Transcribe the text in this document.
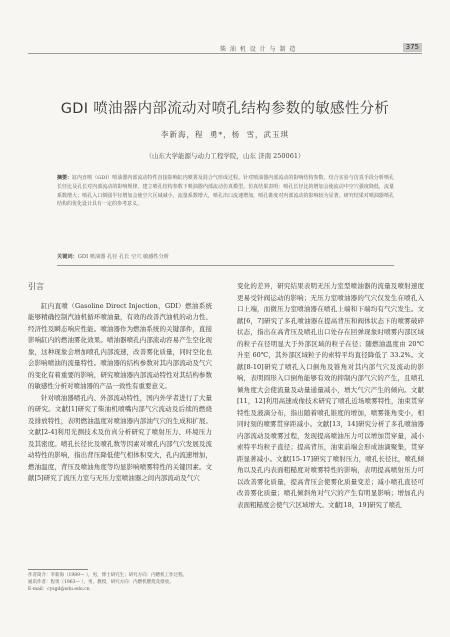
柴 油 机 设 计 与 制 造	375
GDI 喷油器内部流动对喷孔结构参数的敏感性分析
李新海，程 勇*，杨 雪，武玉琪
（山东大学能源与动力工程学院，山东 济南 250061）
摘要：缸内直喷（GDI）喷油器内部流动特性直接影响缸内喷雾及混合气形成过程。针对喷油器内部流动的影响结构参数，结合实验与仿真手段分析喷孔长径比及孔长对内部流动的影响规律，建立喷孔结构参数下喷油器内部流动仿真模型。仿真结果表明：喷孔长径比的增加会使流动中空穴强度降低，流量系数增大；喷孔入口倒圆半径增加会使空穴区域减小，流量系数增大，喷孔出口流速增加，喷孔锥度对内部流动的影响较为显著。研究结果对喷油器喷孔结构的优化设计具有一定的参考意义。
关键词：GDI 喷油器 孔径 孔长 空穴 敏感性分析
引言

缸内直喷（Gasoline Direct Injection，GDI）燃油系统能够精确控制汽油机循环喷油量，有效的改善汽油机的动力性、经济性及瞬态响应性能。喷油器作为燃油系统的关键部件，直接影响缸内的燃油雾化效果。喷油器喷孔内部流动容易产生空化现象，这种现象会增加喷孔内部流速，改善雾化质量，同时空化也会影响喷油的流量特性。喷油器的结构参数对其内部流动及气穴的变化有着重要的影响，研究喷油器内部流动特性对其结构参数的敏感性分析对喷油器的产品一致性有重要意义。

针对喷油器喷孔内、外部流动特性，国内外学者进行了大量的研究。文献[1]研究了柴油机喷嘴内部气穴流动及后续的燃烧及排放特性，表明燃油温度对喷油器内部油气穴的生成和扩展。文献[2-4]利用光测技术及仿真分析研究了喷射压力、环境压力及其密度。喷孔长径比及喷孔数等因素对喷孔内部气穴发展及流动特性的影响，指出背压降低使气相体积变大，孔内流速增加，燃油温度，背压及喷油角度等均显影响喷雾特性的关键因素。文献[5]研究了流压力室与无压力室喷油器之间内部流动及气穴

变化的差异，研究结果表明无压力室型喷油器的流量及喷射速度更易受针阀运动的影响；无压力室喷油器的气穴仅发生在喷孔入口上端，而微压力室喷油器在喷孔上端和下端均有气穴发生。文献[6，7]研究了多孔喷油器在提高背压和阀体状态下的喷雾破碎状态，指出在高背压及喷孔出口处存在回弹现象时喷雾内部区域的粒子在径明显大于外部区域的粒子在径；随燃油温度由 20℃ 升至 60℃，其外部区域粒子的索特平均直径降低了 33.2%。文献[8-10]研究了喷孔入口倒角及锥角对其内部气穴及流动的影响，表明圆形入口倒角能够有效的抑制内部气穴的产生，且喷孔倾角度大会使流量及动量通量减小，增大气穴产生的倾向。文献[11，12]利用高速成像技术研究了喷孔近场喷雾特性，油束贯穿特性及液滴分布，指出随着喷孔锥度的增加，喷雾锥角变小，相同时刻的喷雾贯穿距减小。文献[13，14]研究分析了多孔喷油器内部流动及喷雾过程，发现提高喷油压力可以增加贯穿量，减小索特平均粒子直径；提高背压，油束前端会形成油滴聚集，贯穿距显著减小。文献[15-17]研究了喷射压力，喷孔长径比，喷孔倾角以及孔内表面粗糙度对喷雾特性的影响，表明提高喷射压力可以改善雾化质量，提高背压会使雾化质量变差；减小喷孔直径可改善雾化质量；喷孔倾斜角对气穴的产生有明显影响；增加孔内表面粗糙度会使气穴区域增大。文献[18，19]研究了喷孔

作者简介：李新海（1989— ），男，博士研究生；研究方向：内燃机工作过程。
通讯作者：程勇（1963— ），男，教授，研究方向：内燃机燃烧及排放。
E-mail：cysgd@sdu.edu.cn
